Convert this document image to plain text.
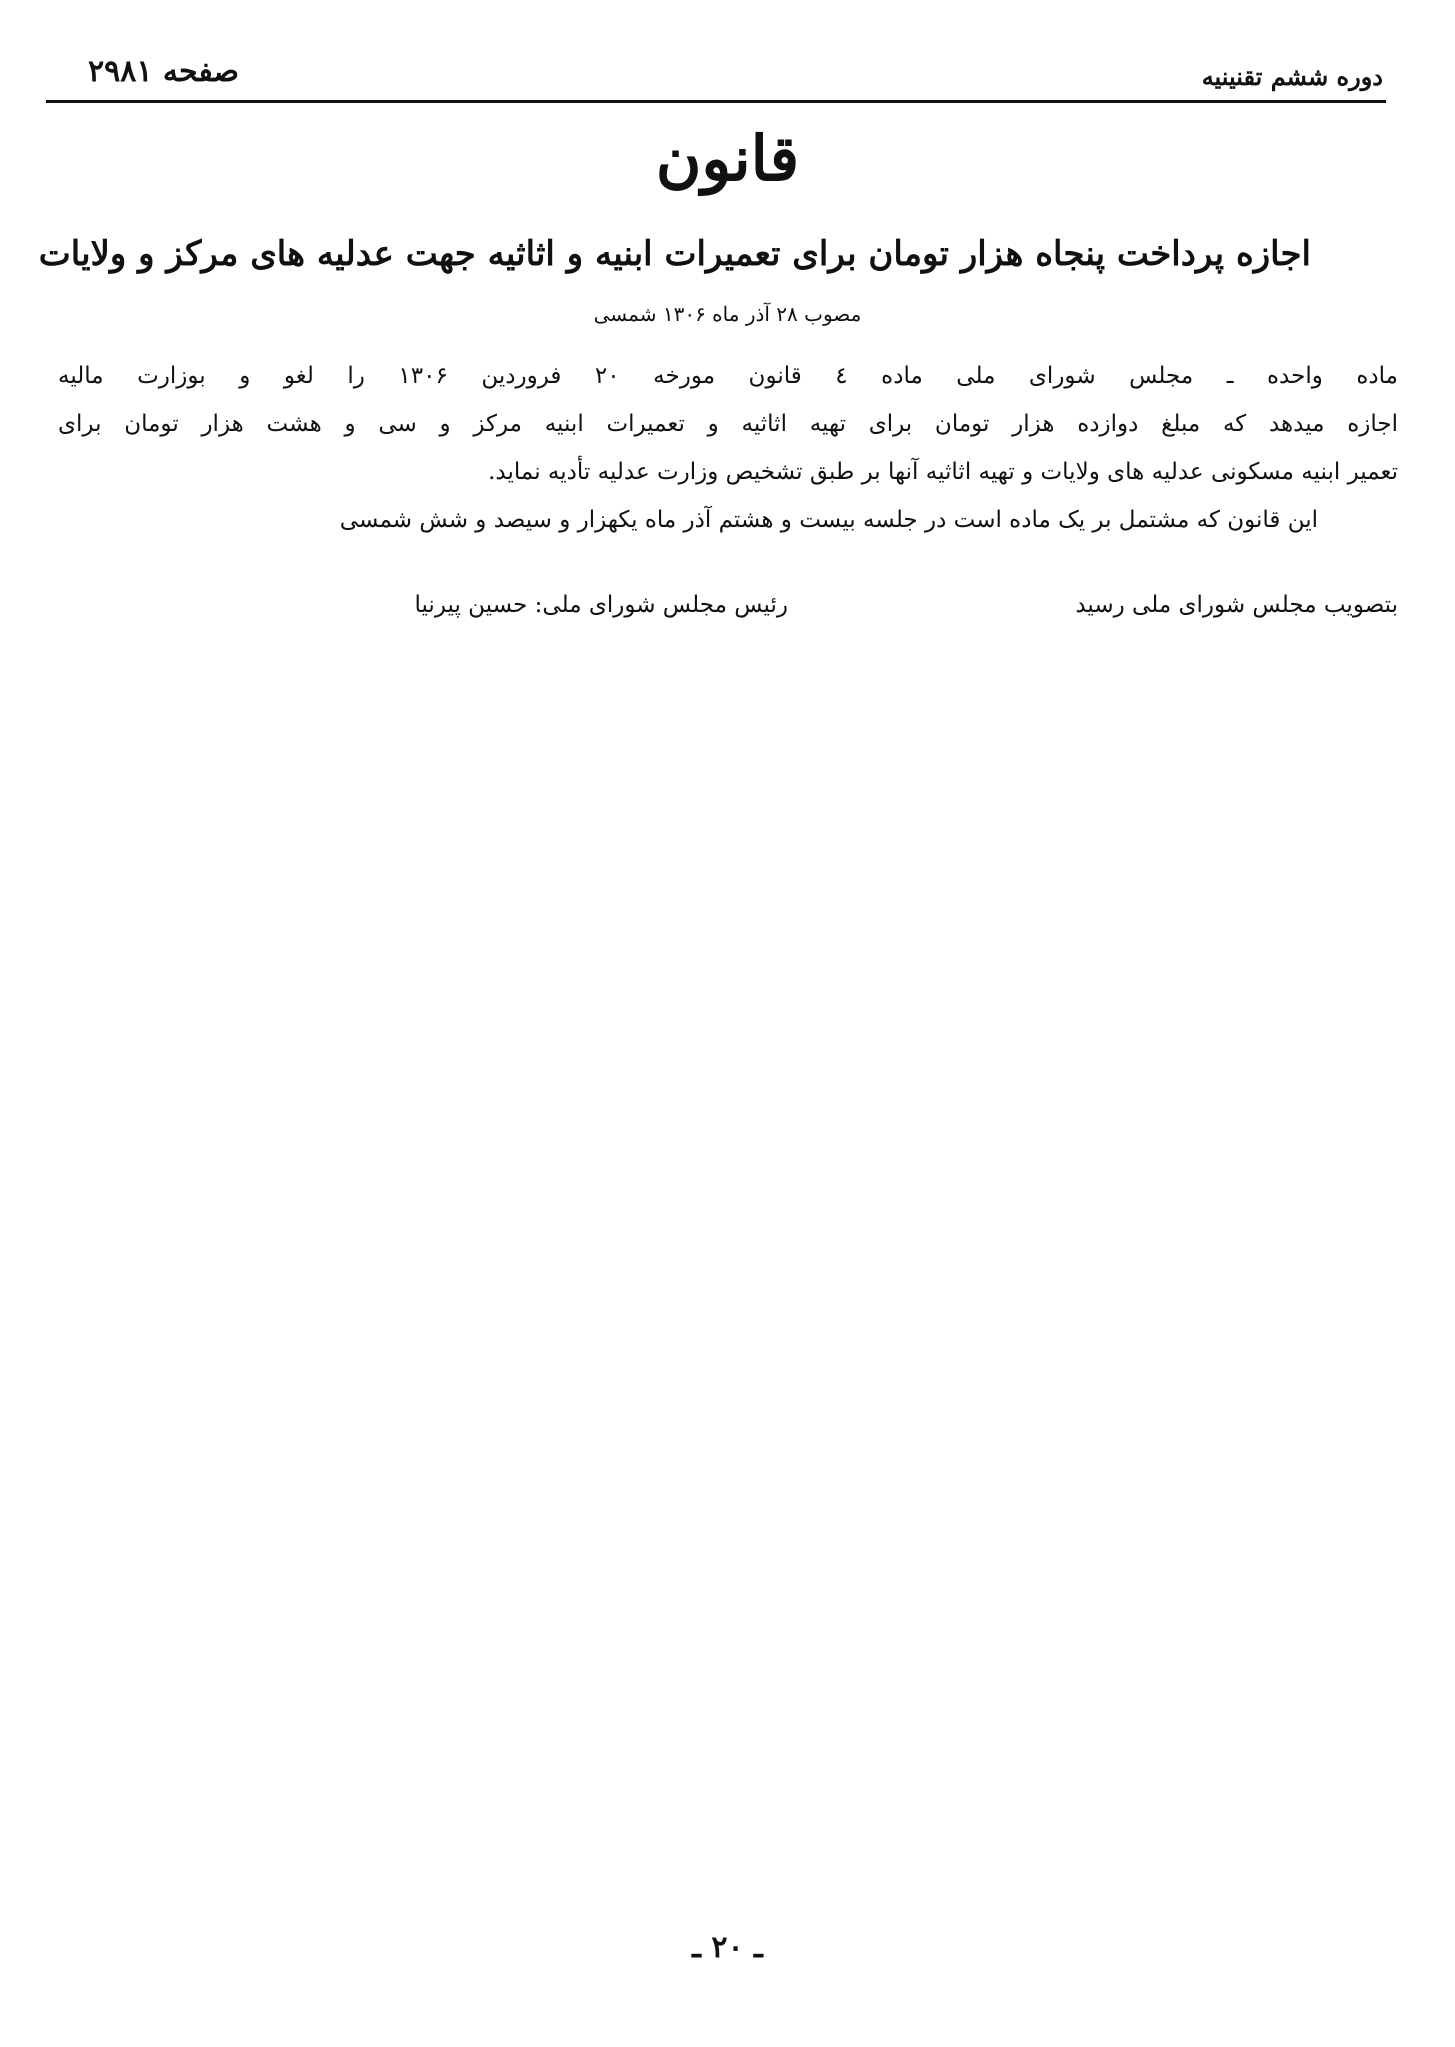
دوره ششم تقنینیه
صفحه ۲۹۸۱
قانون
اجازه پرداخت پنجاه هزار تومان برای تعمیرات ابنیه و اثاثیه جهت عدلیه های مرکز و ولایات
مصوب ۲۸ آذر ماه ۱۳۰۶ شمسی
ماده واحده ـ مجلس شورای ملی ماده ٤ قانون مورخه ۲۰ فروردین ۱۳۰۶ را لغو و بوزارت مالیه
اجازه میدهد که مبلغ دوازده هزار تومان برای تهیه اثاثیه و تعمیرات ابنیه مرکز و سی و هشت هزار تومان برای
تعمیر ابنیه مسکونی عدلیه های ولایات و تهیه اثاثیه آنها بر طبق تشخیص وزارت عدلیه تأدیه نماید.
این قانون که مشتمل بر یک ماده است در جلسه بیست و هشتم آذر ماه یکهزار و سیصد و شش شمسی
بتصویب مجلس شورای ملی رسید
رئیس مجلس شورای ملی: حسین پیرنیا
ـ ۲۰ ـ
